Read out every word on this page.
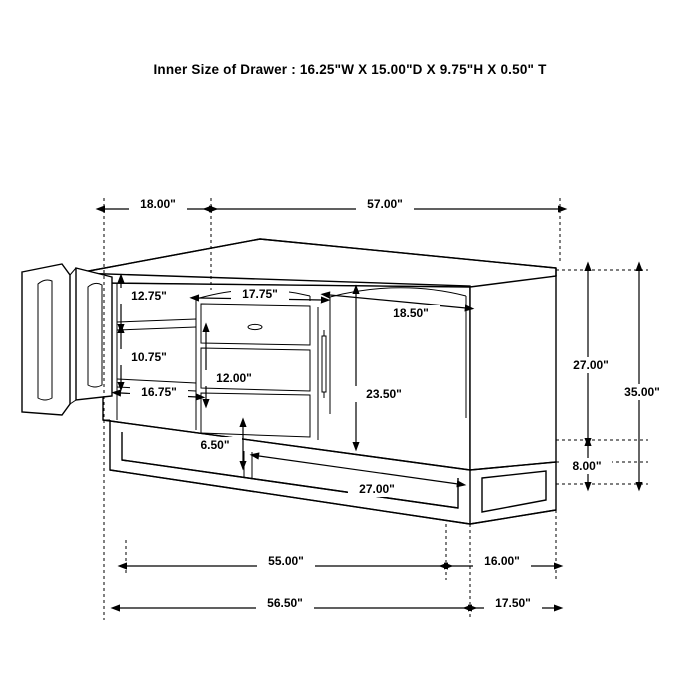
Inner Size of Drawer : 16.25"W X 15.00"D X 9.75"H X 0.50" T
18.00"	57.00"
12.75"
10.75"
16.75"
17.75"
18.50"
12.00"
23.50"
6.50"
27.00"
27.00"
8.00"
35.00"
55.00"	16.00"
56.50"	17.50"
